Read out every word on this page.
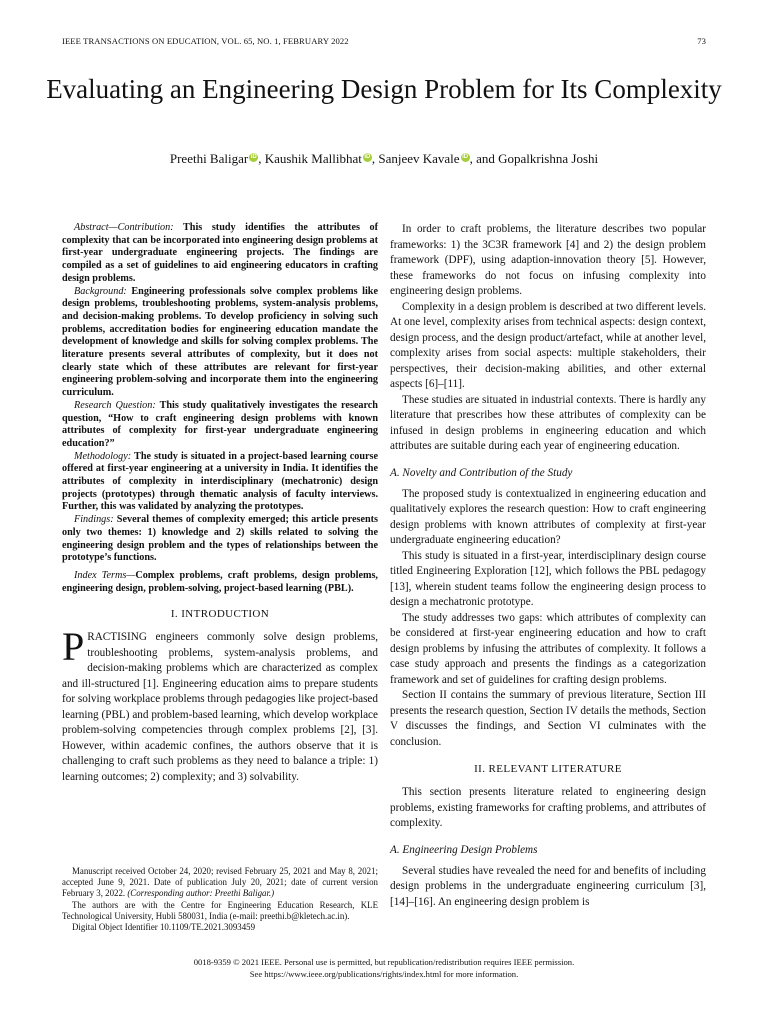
IEEE TRANSACTIONS ON EDUCATION, VOL. 65, NO. 1, FEBRUARY 2022	73
Evaluating an Engineering Design Problem for Its Complexity
Preethi Baligar iD , Kaushik Mallibhat iD , Sanjeev Kavale iD , and Gopalkrishna Joshi

Abstract—Contribution: This study identifies the attributes of complexity that can be incorporated into engineering design problems at first-year undergraduate engineering projects. The findings are compiled as a set of guidelines to aid engineering educators in crafting design problems.

Background: Engineering professionals solve complex problems like design problems, troubleshooting problems, system-analysis problems, and decision-making problems. To develop proficiency in solving such problems, accreditation bodies for engineering education mandate the development of knowledge and skills for solving complex problems. The literature presents several attributes of complexity, but it does not clearly state which of these attributes are relevant for first-year engineering problem-solving and incorporate them into the engineering curriculum.

Research Question: This study qualitatively investigates the research question, “How to craft engineering design problems with known attributes of complexity for first-year undergraduate engineering education?”

Methodology: The study is situated in a project-based learning course offered at first-year engineering at a university in India. It identifies the attributes of complexity in interdisciplinary (mechatronic) design projects (prototypes) through thematic analysis of faculty interviews. Further, this was validated by analyzing the prototypes.

Findings: Several themes of complexity emerged; this article presents only two themes: 1) knowledge and 2) skills related to solving the engineering design problem and the types of relationships between the prototype’s functions.

Index Terms—Complex problems, craft problems, design problems, engineering design, problem-solving, project-based learning (PBL).

I. INTRODUCTION

PRACTISING engineers commonly solve design problems, troubleshooting problems, system-analysis problems, and decision-making problems which are characterized as complex and ill-structured [1]. Engineering education aims to prepare students for solving workplace problems through pedagogies like project-based learning (PBL) and problem-based learning, which develop workplace problem-solving competencies through complex problems [2], [3]. However, within academic confines, the authors observe that it is challenging to craft such problems as they need to balance a triple: 1) learning outcomes; 2) complexity; and 3) solvability.

Manuscript received October 24, 2020; revised February 25, 2021 and May 8, 2021; accepted June 9, 2021. Date of publication July 20, 2021; date of current version February 3, 2022. (Corresponding author: Preethi Baligar.)

The authors are with the Centre for Engineering Education Research, KLE Technological University, Hubli 580031, India (e-mail: preethi.b@kletech.ac.in).

Digital Object Identifier 10.1109/TE.2021.3093459

In order to craft problems, the literature describes two popular frameworks: 1) the 3C3R framework [4] and 2) the design problem framework (DPF), using adaption-innovation theory [5]. However, these frameworks do not focus on infusing complexity into engineering design problems.

Complexity in a design problem is described at two different levels. At one level, complexity arises from technical aspects: design context, design process, and the design product/artefact, while at another level, complexity arises from social aspects: multiple stakeholders, their perspectives, their decision-making abilities, and other external aspects [6]–[11].

These studies are situated in industrial contexts. There is hardly any literature that prescribes how these attributes of complexity can be infused in design problems in engineering education and which attributes are suitable during each year of engineering education.

A. Novelty and Contribution of the Study

The proposed study is contextualized in engineering education and qualitatively explores the research question: How to craft engineering design problems with known attributes of complexity at first-year undergraduate engineering education?

This study is situated in a first-year, interdisciplinary design course titled Engineering Exploration [12], which follows the PBL pedagogy [13], wherein student teams follow the engineering design process to design a mechatronic prototype.

The study addresses two gaps: which attributes of complexity can be considered at first-year engineering education and how to craft design problems by infusing the attributes of complexity. It follows a case study approach and presents the findings as a categorization framework and set of guidelines for crafting design problems.

Section II contains the summary of previous literature, Section III presents the research question, Section IV details the methods, Section V discusses the findings, and Section VI culminates with the conclusion.

II. RELEVANT LITERATURE

This section presents literature related to engineering design problems, existing frameworks for crafting problems, and attributes of complexity.

A. Engineering Design Problems

Several studies have revealed the need for and benefits of including design problems in the undergraduate engineering curriculum [3], [14]–[16]. An engineering design problem is

0018-9359 © 2021 IEEE. Personal use is permitted, but republication/redistribution requires IEEE permission.
See https://www.ieee.org/publications/rights/index.html for more information.
